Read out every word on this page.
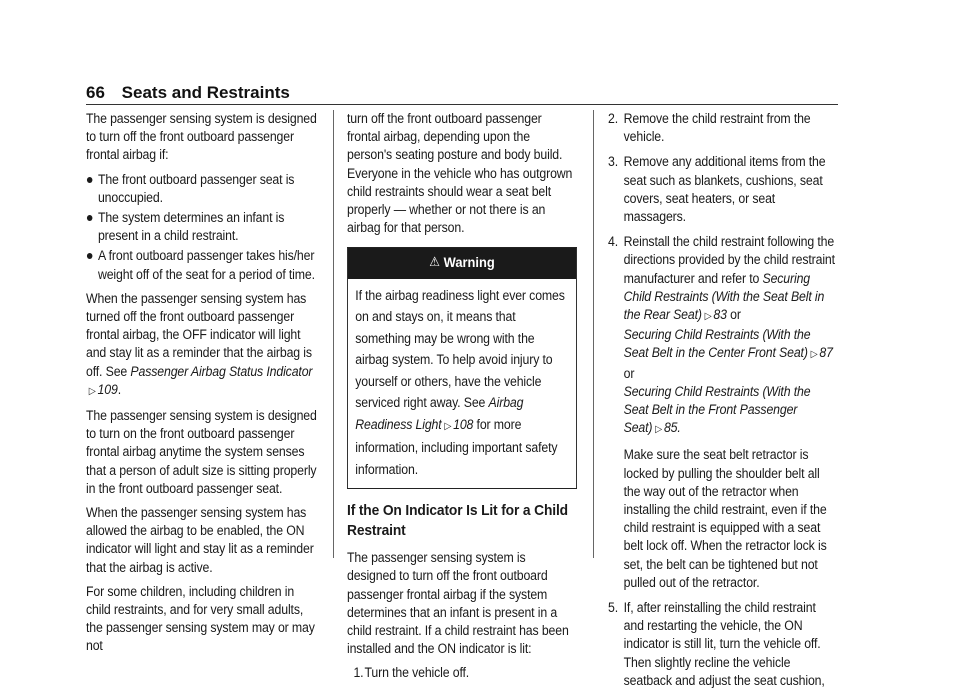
66 Seats and Restraints

The passenger sensing system is designed to turn off the front outboard passenger frontal airbag if:

The front outboard passenger seat is unoccupied.
The system determines an infant is present in a child restraint.
A front outboard passenger takes his/her weight off of the seat for a period of time.

When the passenger sensing system has turned off the front outboard passenger frontal airbag, the OFF indicator will light and stay lit as a reminder that the airbag is off. See Passenger Airbag Status Indicator
▷ 109.

The passenger sensing system is designed to turn on the front outboard passenger frontal airbag anytime the system senses that a person of adult size is sitting properly in the front outboard passenger seat.

When the passenger sensing system has allowed the airbag to be enabled, the ON indicator will light and stay lit as a reminder that the airbag is active.

For some children, including children in child restraints, and for very small adults, the passenger sensing system may or may not

turn off the front outboard passenger frontal airbag, depending upon the person's seating posture and body build. Everyone in the vehicle who has outgrown child restraints should wear a seat belt properly — whether or not there is an airbag for that person.

⚠ Warning
If the airbag readiness light ever comes on and stays on, it means that something may be wrong with the airbag system. To help avoid injury to yourself or others, have the vehicle serviced right away. See Airbag Readiness Light ▷ 108 for more information, including important safety information.
If the On Indicator Is Lit for a Child Restraint

The passenger sensing system is designed to turn off the front outboard passenger frontal airbag if the system determines that an infant is present in a child restraint. If a child restraint has been installed and the ON indicator is lit:

1. Turn the vehicle off.
2. Remove the child restraint from the vehicle.
3. Remove any additional items from the seat such as blankets, cushions, seat covers, seat heaters, or seat massagers.
4. Reinstall the child restraint following the directions provided by the child restraint manufacturer and refer to Securing Child Restraints (With the Seat Belt in the Rear Seat) ▷ 83 or
Securing Child Restraints (With the Seat Belt in the Center Front Seat) ▷ 87 or
Securing Child Restraints (With the Seat Belt in the Front Passenger Seat) ▷ 85.
Make sure the seat belt retractor is locked by pulling the shoulder belt all the way out of the retractor when installing the child restraint, even if the child restraint is equipped with a seat belt lock off. When the retractor lock is set, the belt can be tightened but not pulled out of the retractor.
5. If, after reinstalling the child restraint and restarting the vehicle, the ON indicator is still lit, turn the vehicle off. Then slightly recline the vehicle seatback and adjust the seat cushion,
